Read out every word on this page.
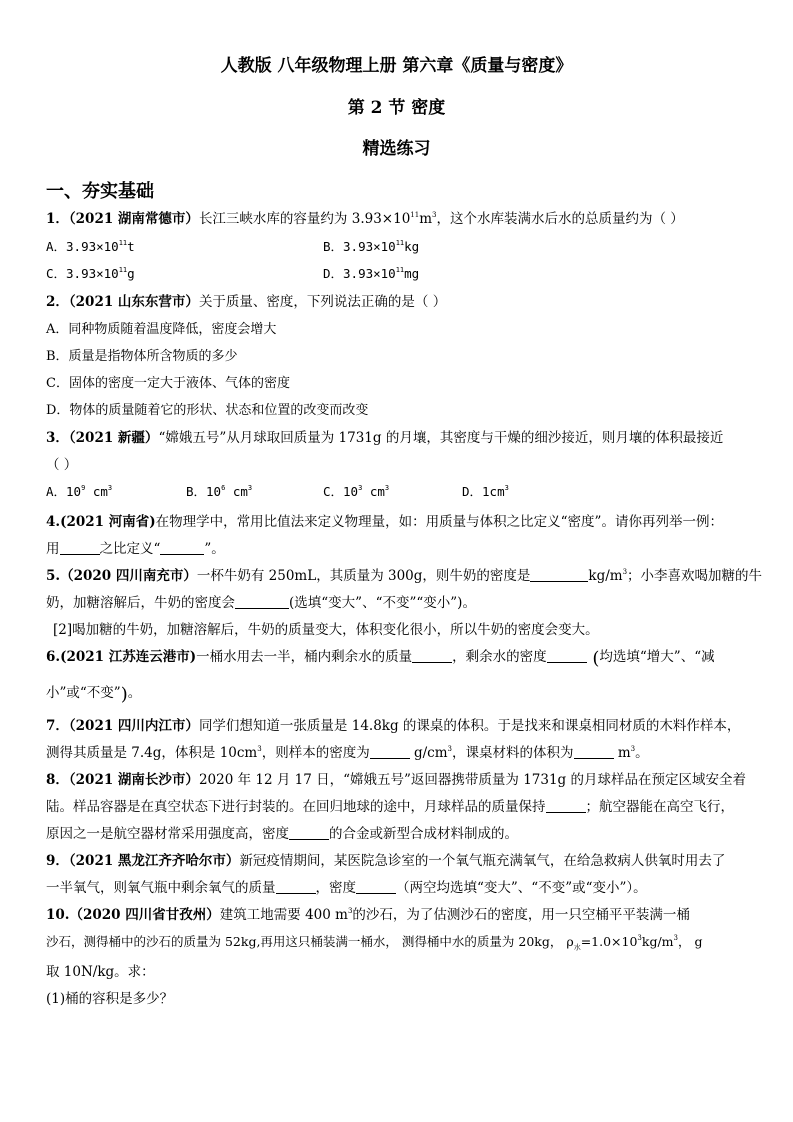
人教版 八年级物理上册 第六章《质量与密度》
第 2 节 密度
精选练习
一、夯实基础
1．（2021 湖南常德市）长江三峡水库的容量约为 $3.93\times 10^{11}m^3$，这个水库装满水后水的总质量约为（ ）
A．$3.93\times 10^{11}t$	B．$3.93\times 10^{11}kg$
C．$3.93\times 10^{11}g$	D．$3.93\times 10^{11}mg$
2．（2021 山东东营市）关于质量、密度，下列说法正确的是（ ）
A．同种物质随着温度降低，密度会增大
B．质量是指物体所含物质的多少
C．固体的密度一定大于液体、气体的密度
D．物体的质量随着它的形状、状态和位置的改变而改变
3．（2021 新疆）“嫦娥五号”从月球取回质量为 1731g 的月壤，其密度与干燥的细沙接近，则月壤的体积最接近
（ ）
A．$10^9$ $cm^3$	B．$10^6$ $cm^3$	C．$10^3$ $cm^3$	D．$1cm^3$
4.(2021 河南省)在物理学中，常用比值法来定义物理量，如：用质量与体积之比定义“密度”。请你再列举一例：
用	之比定义“	”。
5.（2020 四川南充市）一杯牛奶有 250mL，其质量为 300g，则牛奶的密度是	$kg/m^3$；小李喜欢喝加糖的牛
奶，加糖溶解后，牛奶的密度会	(选填“变大”、“不变”“变小”)。
[2]喝加糖的牛奶，加糖溶解后，牛奶的质量变大，体积变化很小，所以牛奶的密度会变大。
6.(2021 江苏连云港市)一桶水用去一半，桶内剩余水的质量	，剩余水的密度 (均选填“增大”、“减
小”或“不变”)。
7．（2021 四川内江市）同学们想知道一张质量是 14.8kg 的课桌的体积。于是找来和课桌相同材质的木料作样本，
测得其质量是 7.4g，体积是 $10cm^3$，则样本的密度为	$g/cm^3$，课桌材料的体积为	$m^3$。
8．（2021 湖南长沙市）2020 年 12 月 17 日，“嫦娥五号”返回器携带质量为 1731g 的月球样品在预定区域安全着
陆。样品容器是在真空状态下进行封装的。在回归地球的途中，月球样品的质量保持	；航空器能在高空飞行，
原因之一是航空器材常采用强度高，密度	的合金或新型合成材料制成的。
9．（2021 黑龙江齐齐哈尔市）新冠疫情期间，某医院急诊室的一个氧气瓶充满氧气，在给急救病人供氧时用去了
一半氧气，则氧气瓶中剩余氧气的质量	，密度	（两空均选填“变大”、“不变”或“变小”）。
10.（2020 四川省甘孜州）建筑工地需要 400 $m^3$的沙石，为了估测沙石的密度，用一只空桶平平装满一桶
沙石，测得桶中的沙石的质量为 52kg,再用这只桶装满一桶水， 测得桶中水的质量为 20kg， $\rho_水=1.0\times 10^3kg/m^3$， g
取 10N/kg。求：
(1)桶的容积是多少？
